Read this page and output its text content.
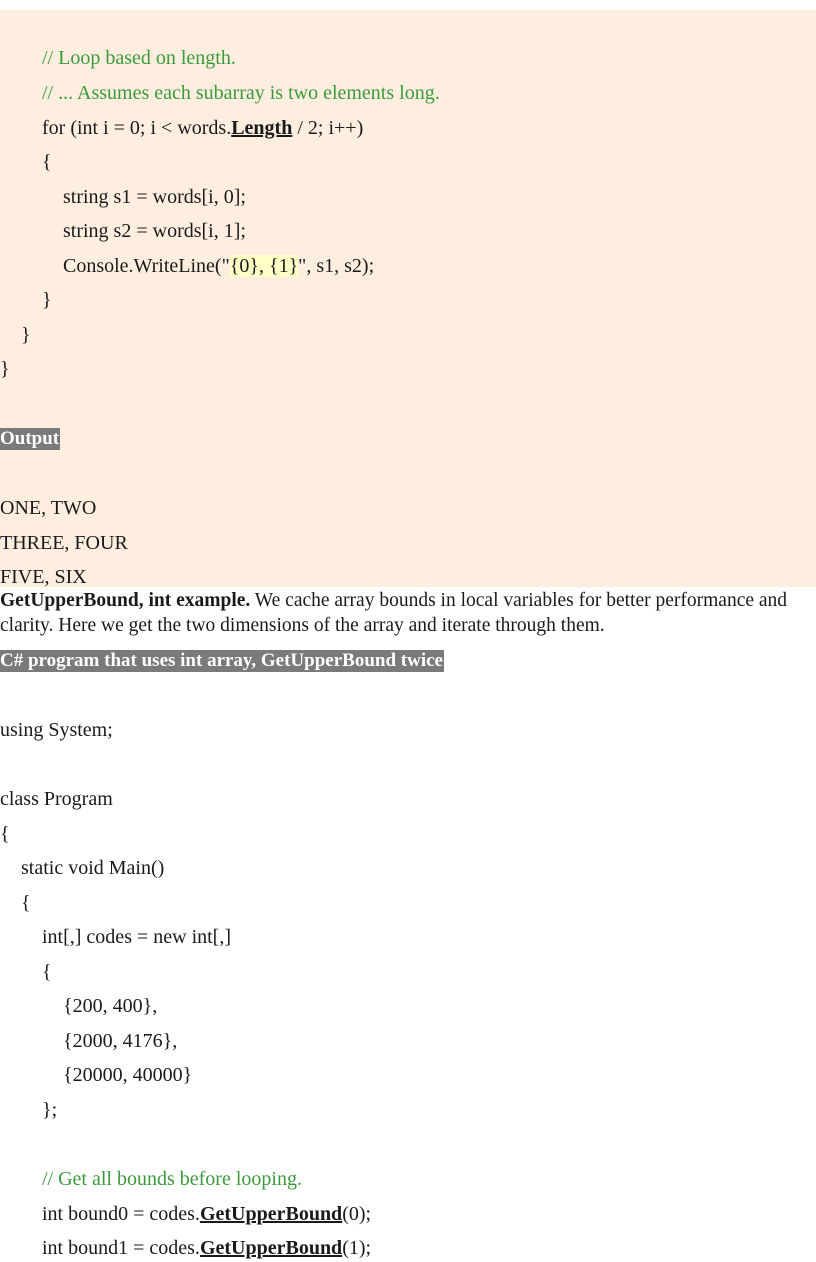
// Loop based on length.
// ... Assumes each subarray is two elements long.
for (int i = 0; i < words.Length / 2; i++)
{
string s1 = words[i, 0];
string s2 = words[i, 1];
Console.WriteLine("{0}, {1}", s1, s2);
}
}
}
Output
ONE, TWO
THREE, FOUR
FIVE, SIX
GetUpperBound, int example. We cache array bounds in local variables for better performance and clarity. Here we get the two dimensions of the array and iterate through them.
C# program that uses int array, GetUpperBound twice
using System;
class Program
{
static void Main()
{
int[,] codes = new int[,]
{
{200, 400},
{2000, 4176},
{20000, 40000}
};
// Get all bounds before looping.
int bound0 = codes.GetUpperBound(0);
int bound1 = codes.GetUpperBound(1);
